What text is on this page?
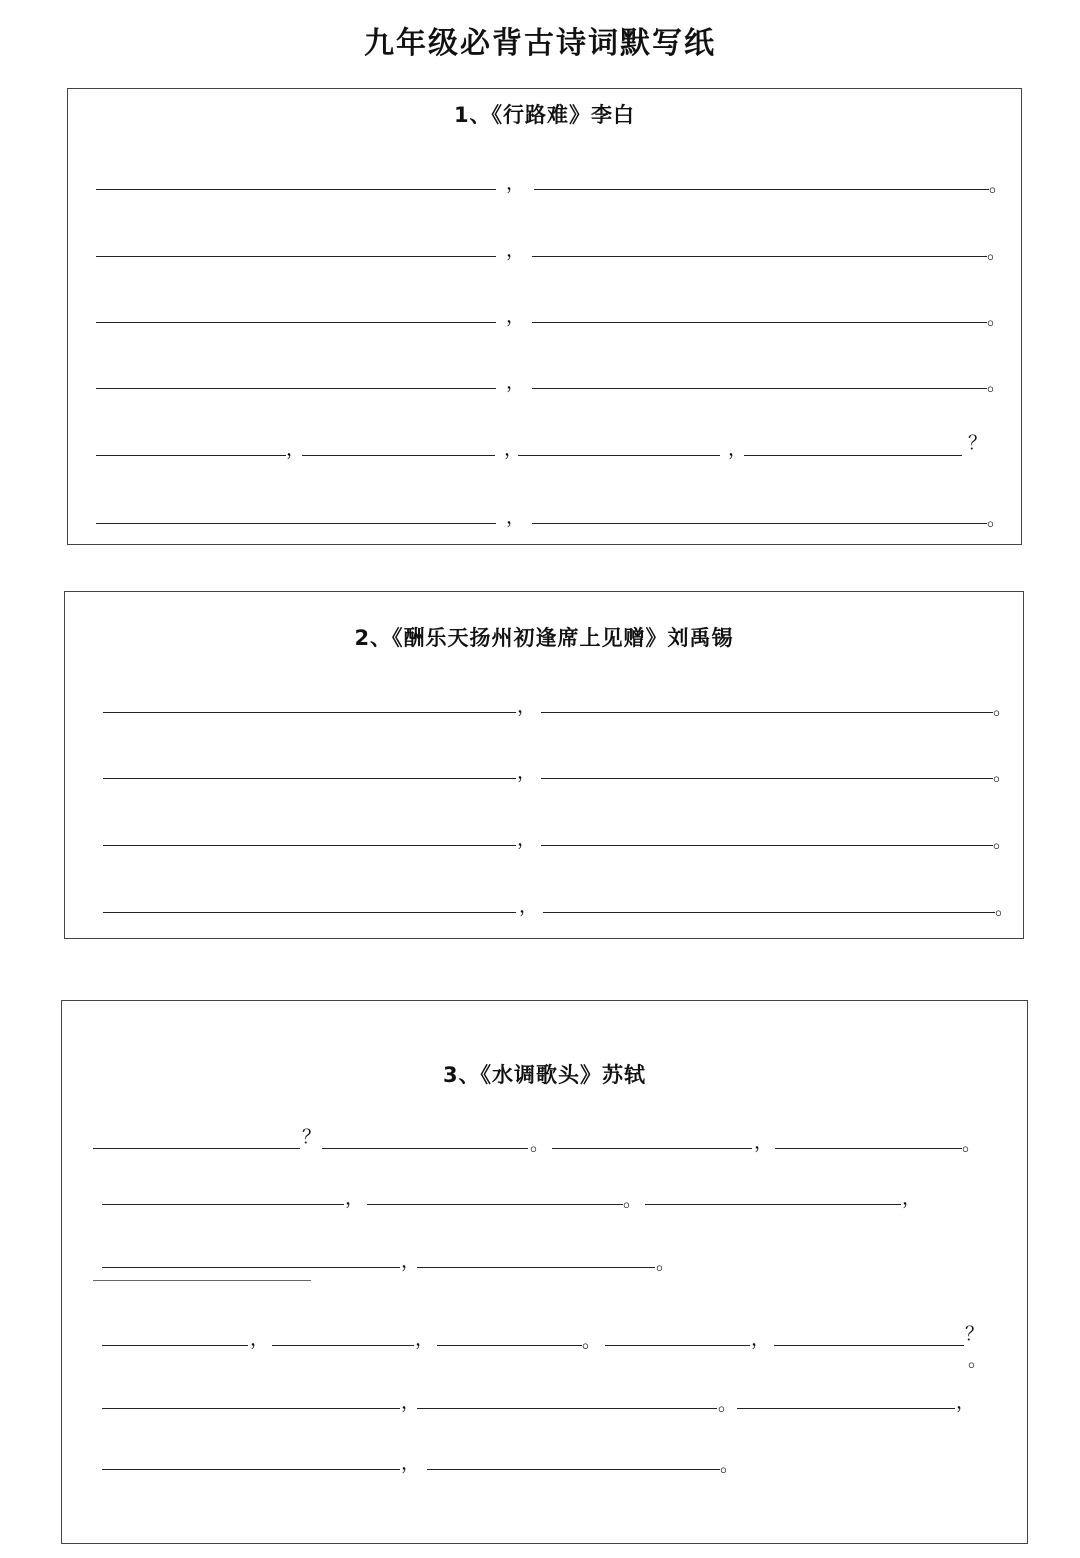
九年级必背古诗词默写纸
1、《行路难》李白
，	。
，	。
，	。
，	。
，	，	，	？
，	。
2、《酬乐天扬州初逢席上见赠》刘禹锡
，	。
，	。
，	。
，	。
3、《水调歌头》苏轼
？	。	，	。
，	。	，
，	。
，	，	。	，	？
。
，	。	，
，	。
